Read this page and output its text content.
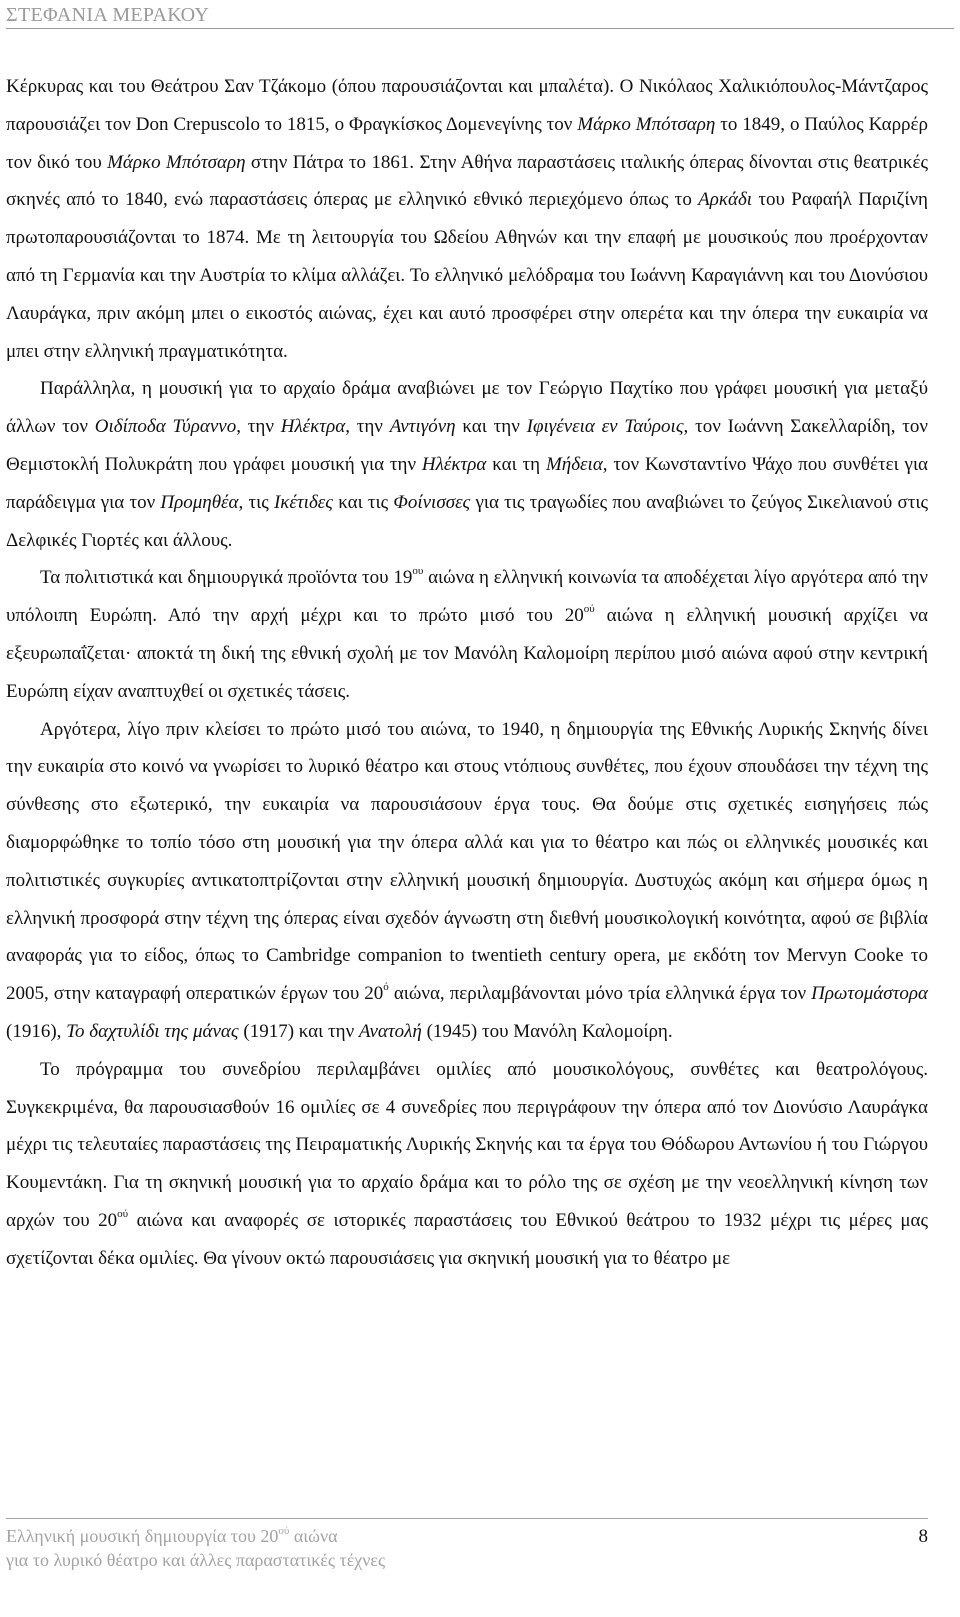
ΣΤΕΦΑΝΙΑ ΜΕΡΑΚΟΥ

Κέρκυρας και του Θεάτρου Σαν Τζάκομο (όπου παρουσιάζονται και μπαλέτα). Ο Νικόλαος Χαλικιόπουλος-Μάντζαρος παρουσιάζει τον Don Crepuscolo το 1815, ο Φραγκίσκος Δομενεγίνης τον Μάρκο Μπότσαρη το 1849, ο Παύλος Καρρέρ τον δικό του Μάρκο Μπότσαρη στην Πάτρα το 1861. Στην Αθήνα παραστάσεις ιταλικής όπερας δίνονται στις θεατρικές σκηνές από το 1840, ενώ παραστάσεις όπερας με ελληνικό εθνικό περιεχόμενο όπως το Αρκάδι του Ραφαήλ Παριζίνη πρωτοπαρουσιάζονται το 1874. Με τη λειτουργία του Ωδείου Αθηνών και την επαφή με μουσικούς που προέρχονταν από τη Γερμανία και την Αυστρία το κλίμα αλλάζει. Το ελληνικό μελόδραμα του Ιωάννη Καραγιάννη και του Διονύσιου Λαυράγκα, πριν ακόμη μπει ο εικοστός αιώνας, έχει και αυτό προσφέρει στην οπερέτα και την όπερα την ευκαιρία να μπει στην ελληνική πραγματικότητα.

Παράλληλα, η μουσική για το αρχαίο δράμα αναβιώνει με τον Γεώργιο Παχτίκο που γράφει μουσική για μεταξύ άλλων τον Οιδίποδα Τύραννο, την Ηλέκτρα, την Αντιγόνη και την Ιφιγένεια εν Ταύροις, τον Ιωάννη Σακελλαρίδη, τον Θεμιστοκλή Πολυκράτη που γράφει μουσική για την Ηλέκτρα και τη Μήδεια, τον Κωνσταντίνο Ψάχο που συνθέτει για παράδειγμα για τον Προμηθέα, τις Ικέτιδες και τις Φοίνισσες για τις τραγωδίες που αναβιώνει το ζεύγος Σικελιανού στις Δελφικές Γιορτές και άλλους.

Τα πολιτιστικά και δημιουργικά προϊόντα του $19^{o\upsilon}$ αιώνα η ελληνική κοινωνία τα αποδέχεται λίγο αργότερα από την υπόλοιπη Ευρώπη. Από την αρχή μέχρι και το πρώτο μισό του $20^{oύ}$ αιώνα η ελληνική μουσική αρχίζει να εξευρωπαΐζεται· αποκτά τη δική της εθνική σχολή με τον Μανόλη Καλομοίρη περίπου μισό αιώνα αφού στην κεντρική Ευρώπη είχαν αναπτυχθεί οι σχετικές τάσεις.

Αργότερα, λίγο πριν κλείσει το πρώτο μισό του αιώνα, το 1940, η δημιουργία της Εθνικής Λυρικής Σκηνής δίνει την ευκαιρία στο κοινό να γνωρίσει το λυρικό θέατρο και στους ντόπιους συνθέτες, που έχουν σπουδάσει την τέχνη της σύνθεσης στο εξωτερικό, την ευκαιρία να παρουσιάσουν έργα τους. Θα δούμε στις σχετικές εισηγήσεις πώς διαμορφώθηκε το τοπίο τόσο στη μουσική για την όπερα αλλά και για το θέατρο και πώς οι ελληνικές μουσικές και πολιτιστικές συγκυρίες αντικατοπτρίζονται στην ελληνική μουσική δημιουργία. Δυστυχώς ακόμη και σήμερα όμως η ελληνική προσφορά στην τέχνη της όπερας είναι σχεδόν άγνωστη στη διεθνή μουσικολογική κοινότητα, αφού σε βιβλία αναφοράς για το είδος, όπως το Cambridge companion to twentieth century opera, με εκδότη τον Mervyn Cooke το 2005, στην καταγραφή οπερατικών έργων του $20^ό$ αιώνα, περιλαμβάνονται μόνο τρία ελληνικά έργα τον Πρωτομάστορα (1916), Το δαχτυλίδι της μάνας (1917) και την Ανατολή (1945) του Μανόλη Καλομοίρη.

Το πρόγραμμα του συνεδρίου περιλαμβάνει ομιλίες από μουσικολόγους, συνθέτες και θεατρολόγους. Συγκεκριμένα, θα παρουσιασθούν 16 ομιλίες σε 4 συνεδρίες που περιγράφουν την όπερα από τον Διονύσιο Λαυράγκα μέχρι τις τελευταίες παραστάσεις της Πειραματικής Λυρικής Σκηνής και τα έργα του Θόδωρου Αντωνίου ή του Γιώργου Κουμεντάκη. Για τη σκηνική μουσική για το αρχαίο δράμα και το ρόλο της σε σχέση με την νεοελληνική κίνηση των αρχών του $20^{oύ}$ αιώνα και αναφορές σε ιστορικές παραστάσεις του Εθνικού θεάτρου το 1932 μέχρι τις μέρες μας σχετίζονται δέκα ομιλίες. Θα γίνουν οκτώ παρουσιάσεις για σκηνική μουσική για το θέατρο με

Ελληνική μουσική δημιουργία του $20^{oύ}$ αιώνα
για το λυρικό θέατρο και άλλες παραστατικές τέχνες
8
